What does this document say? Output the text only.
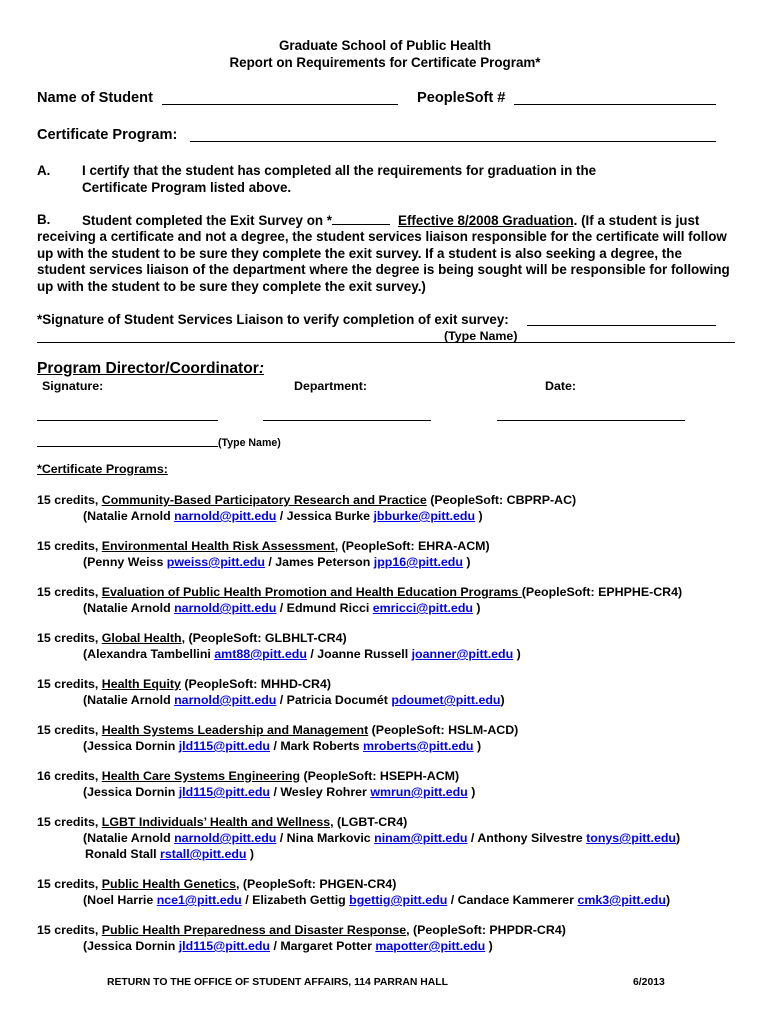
Graduate School of Public Health
Report on Requirements for Certificate Program*
Name of Student	PeopleSoft #
Certificate Program:
A. I certify that the student has completed all the requirements for graduation in the
Certificate Program listed above.
B. Student completed the Exit Survey on *	Effective 8/2008 Graduation. (If a student is just
receiving a certificate and not a degree, the student services liaison responsible for the certificate will follow up with the student to be sure they complete the exit survey. If a student is also seeking a degree, the student services liaison of the department where the degree is being sought will be responsible for following up with the student to be sure they complete the exit survey.)
*Signature of Student Services Liaison to verify completion of exit survey:
(Type Name)
Program Director/Coordinator:
Signature:	Department:	Date:
(Type Name)
*Certificate Programs:
15 credits, Community-Based Participatory Research and Practice (PeopleSoft: CBPRP-AC)
(Natalie Arnold narnold@pitt.edu / Jessica Burke jbburke@pitt.edu )
15 credits, Environmental Health Risk Assessment, (PeopleSoft: EHRA-ACM)
(Penny Weiss pweiss@pitt.edu / James Peterson jpp16@pitt.edu )
15 credits, Evaluation of Public Health Promotion and Health Education Programs (PeopleSoft: EPHPHE-CR4)
(Natalie Arnold narnold@pitt.edu / Edmund Ricci emricci@pitt.edu )
15 credits, Global Health, (PeopleSoft: GLBHLT-CR4)
(Alexandra Tambellini amt88@pitt.edu / Joanne Russell joanner@pitt.edu )
15 credits, Health Equity (PeopleSoft: MHHD-CR4)
(Natalie Arnold narnold@pitt.edu / Patricia Documét pdoumet@pitt.edu)
15 credits, Health Systems Leadership and Management (PeopleSoft: HSLM-ACD)
(Jessica Dornin jld115@pitt.edu / Mark Roberts mroberts@pitt.edu )
16 credits, Health Care Systems Engineering (PeopleSoft: HSEPH-ACM)
(Jessica Dornin jld115@pitt.edu / Wesley Rohrer wmrun@pitt.edu )
15 credits, LGBT Individuals’ Health and Wellness, (LGBT-CR4)
(Natalie Arnold narnold@pitt.edu / Nina Markovic ninam@pitt.edu / Anthony Silvestre tonys@pitt.edu)
Ronald Stall rstall@pitt.edu )
15 credits, Public Health Genetics, (PeopleSoft: PHGEN-CR4)
(Noel Harrie nce1@pitt.edu / Elizabeth Gettig bgettig@pitt.edu / Candace Kammerer cmk3@pitt.edu)
15 credits, Public Health Preparedness and Disaster Response, (PeopleSoft: PHPDR-CR4)
(Jessica Dornin jld115@pitt.edu / Margaret Potter mapotter@pitt.edu )
RETURN TO THE OFFICE OF STUDENT AFFAIRS, 114 PARRAN HALL	6/2013
